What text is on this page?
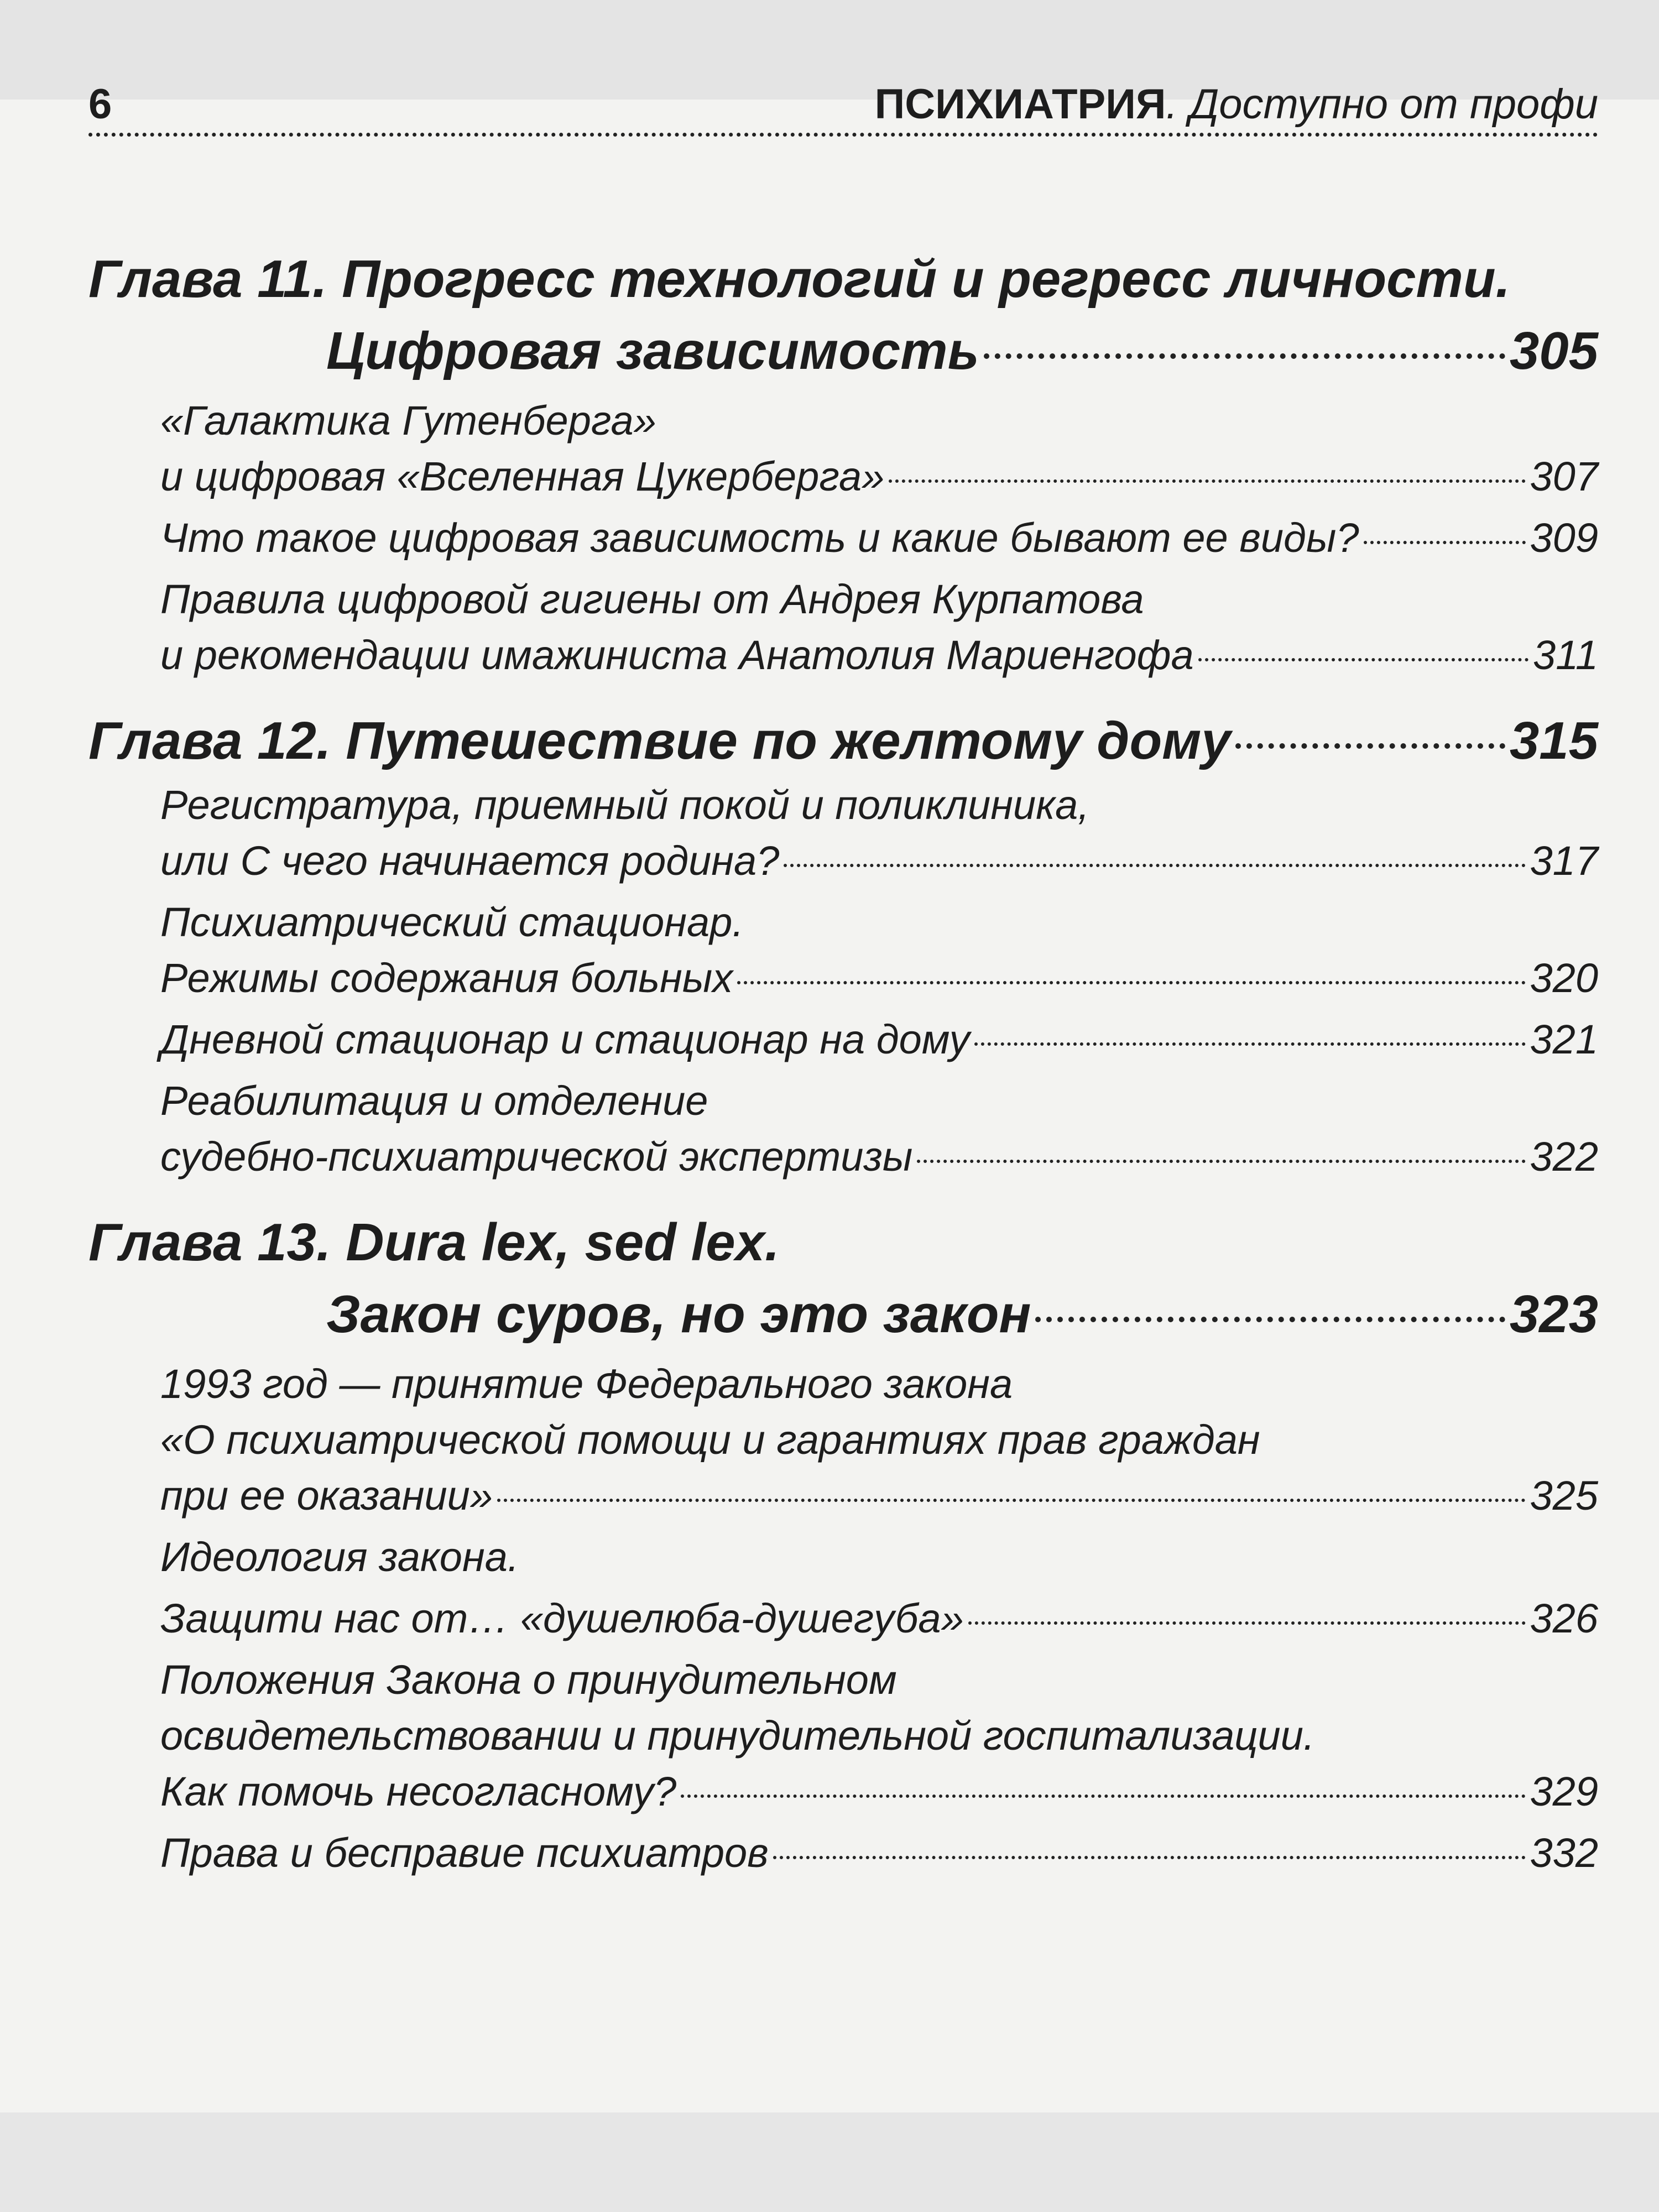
6	ПСИХИАТРИЯ. Доступно от профи
Глава 11. Прогресс технологий и регресс личности.
Цифровая зависимость	305
«Галактика Гутенберга»
и цифровая «Вселенная Цукерберга»	307
Что такое цифровая зависимость и какие бывают ее виды?	309
Правила цифровой гигиены от Андрея Курпатова
и рекомендации имажиниста Анатолия Мариенгофа	311
Глава 12. Путешествие по желтому дому	315
Регистратура, приемный покой и поликлиника,
или С чего начинается родина?	317
Психиатрический стационар.
Режимы содержания больных	320
Дневной стационар и стационар на дому	321
Реабилитация и отделение
судебно-психиатрической экспертизы	322
Глава 13. Dura lex, sed lex.
Закон суров, но это закон	323
1993 год — принятие Федерального закона
«О психиатрической помощи и гарантиях прав граждан
при ее оказании»	325
Идеология закона.
Защити нас от… «душелюба-душегуба»	326
Положения Закона о принудительном
освидетельствовании и принудительной госпитализации.
Как помочь несогласному?	329
Права и бесправие психиатров	332
